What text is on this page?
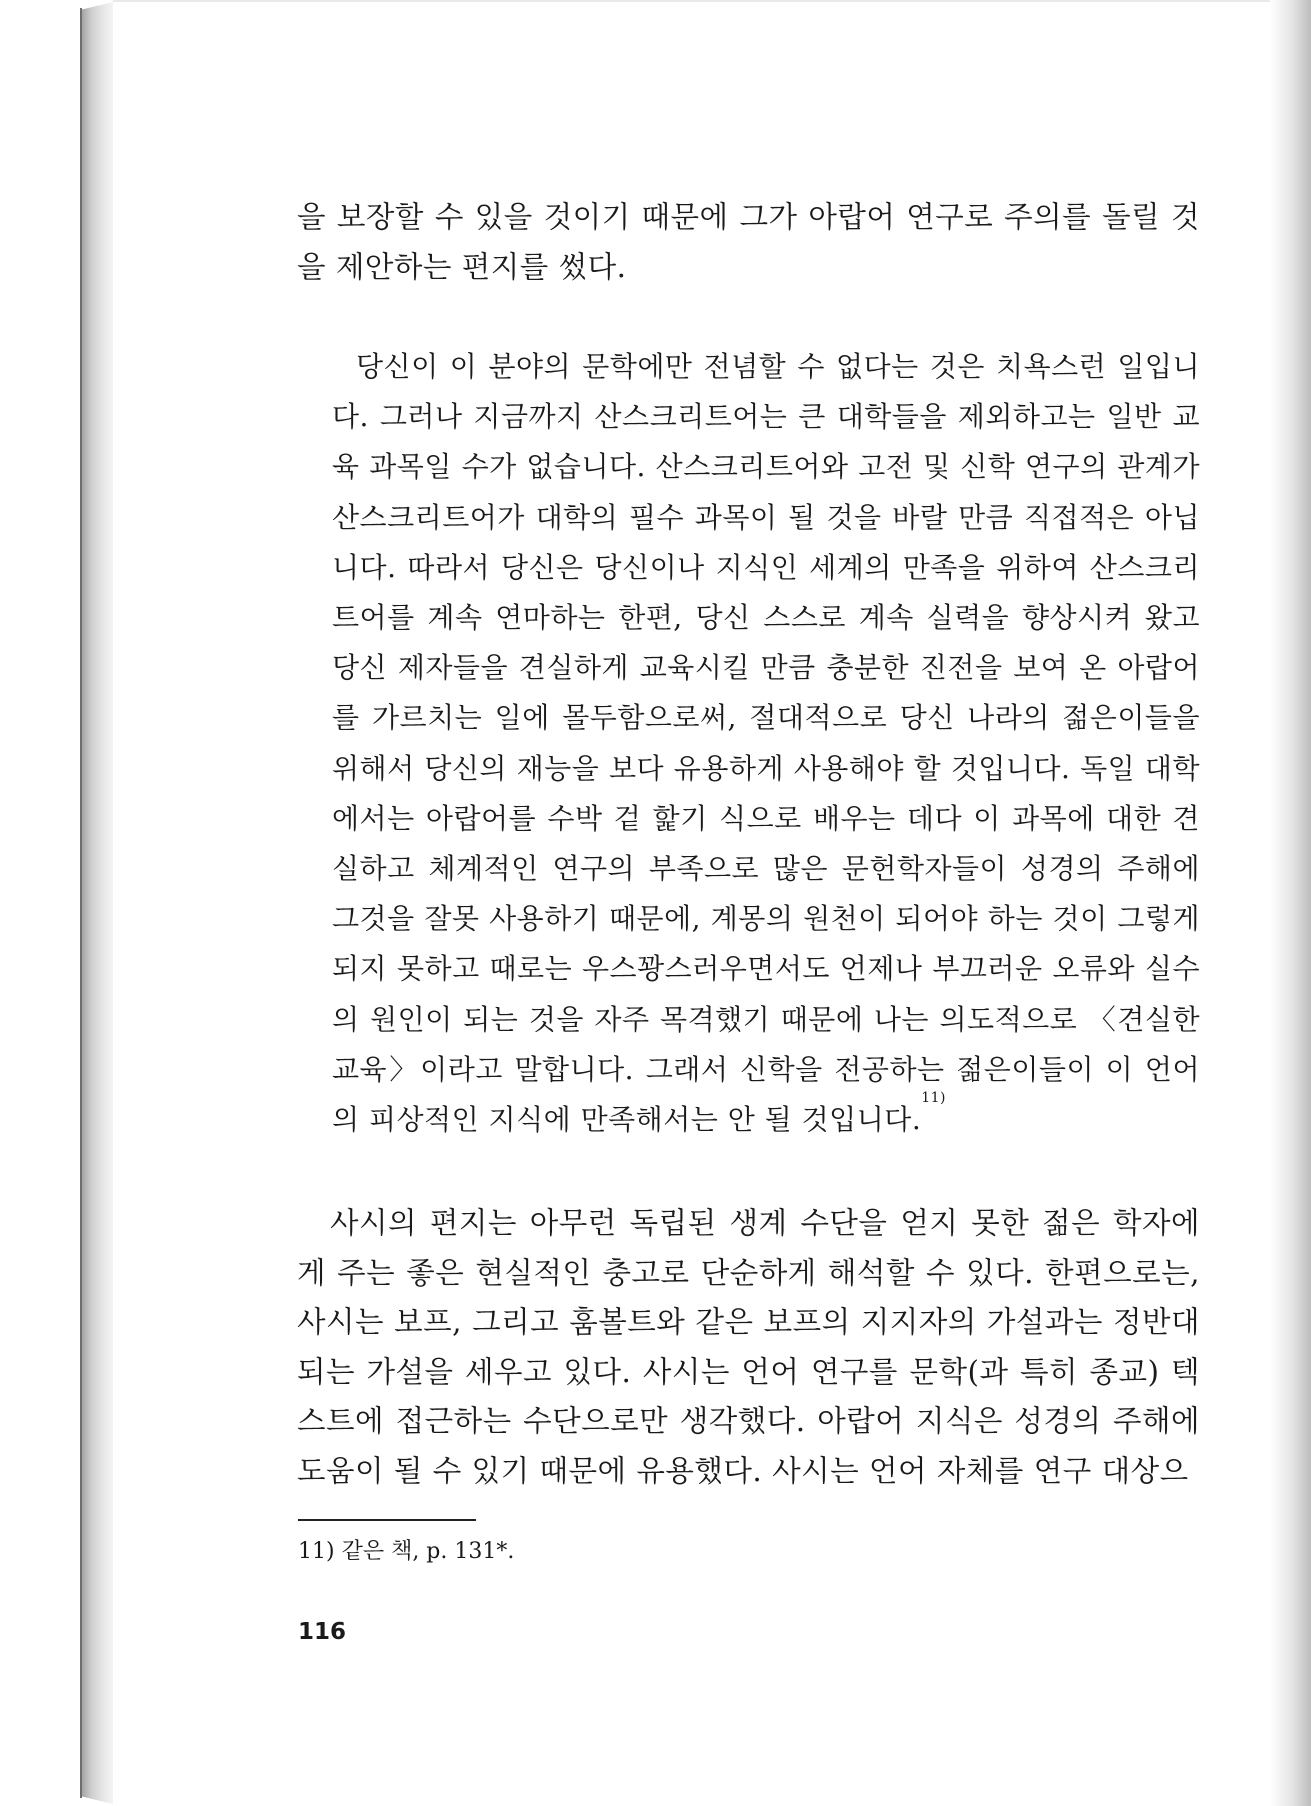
을 보장할 수 있을 것이기 때문에 그가 아랍어 연구로 주의를 돌릴 것을 제안하는 편지를 썼다.

당신이 이 분야의 문학에만 전념할 수 없다는 것은 치욕스런 일입니다. 그러나 지금까지 산스크리트어는 큰 대학들을 제외하고는 일반 교육 과목일 수가 없습니다. 산스크리트어와 고전 및 신학 연구의 관계가 산스크리트어가 대학의 필수 과목이 될 것을 바랄 만큼 직접적은 아닙니다. 따라서 당신은 당신이나 지식인 세계의 만족을 위하여 산스크리트어를 계속 연마하는 한편, 당신 스스로 계속 실력을 향상시켜 왔고 당신 제자들을 견실하게 교육시킬 만큼 충분한 진전을 보여 온 아랍어를 가르치는 일에 몰두함으로써, 절대적으로 당신 나라의 젊은이들을 위해서 당신의 재능을 보다 유용하게 사용해야 할 것입니다. 독일 대학에서는 아랍어를 수박 겉 핥기 식으로 배우는 데다 이 과목에 대한 견실하고 체계적인 연구의 부족으로 많은 문헌학자들이 성경의 주해에 그것을 잘못 사용하기 때문에, 계몽의 원천이 되어야 하는 것이 그렇게 되지 못하고 때로는 우스꽝스러우면서도 언제나 부끄러운 오류와 실수의 원인이 되는 것을 자주 목격했기 때문에 나는 의도적으로 〈견실한 교육〉이라고 말합니다. 그래서 신학을 전공하는 젊은이들이 이 언어의 피상적인 지식에 만족해서는 안 될 것입니다.$^{11)}$

사시의 편지는 아무런 독립된 생계 수단을 얻지 못한 젊은 학자에게 주는 좋은 현실적인 충고로 단순하게 해석할 수 있다. 한편으로는, 사시는 보프, 그리고 훔볼트와 같은 보프의 지지자의 가설과는 정반대되는 가설을 세우고 있다. 사시는 언어 연구를 문학(과 특히 종교) 텍스트에 접근하는 수단으로만 생각했다. 아랍어 지식은 성경의 주해에 도움이 될 수 있기 때문에 유용했다. 사시는 언어 자체를 연구 대상으

11) 같은 책, p. 131*.

116
